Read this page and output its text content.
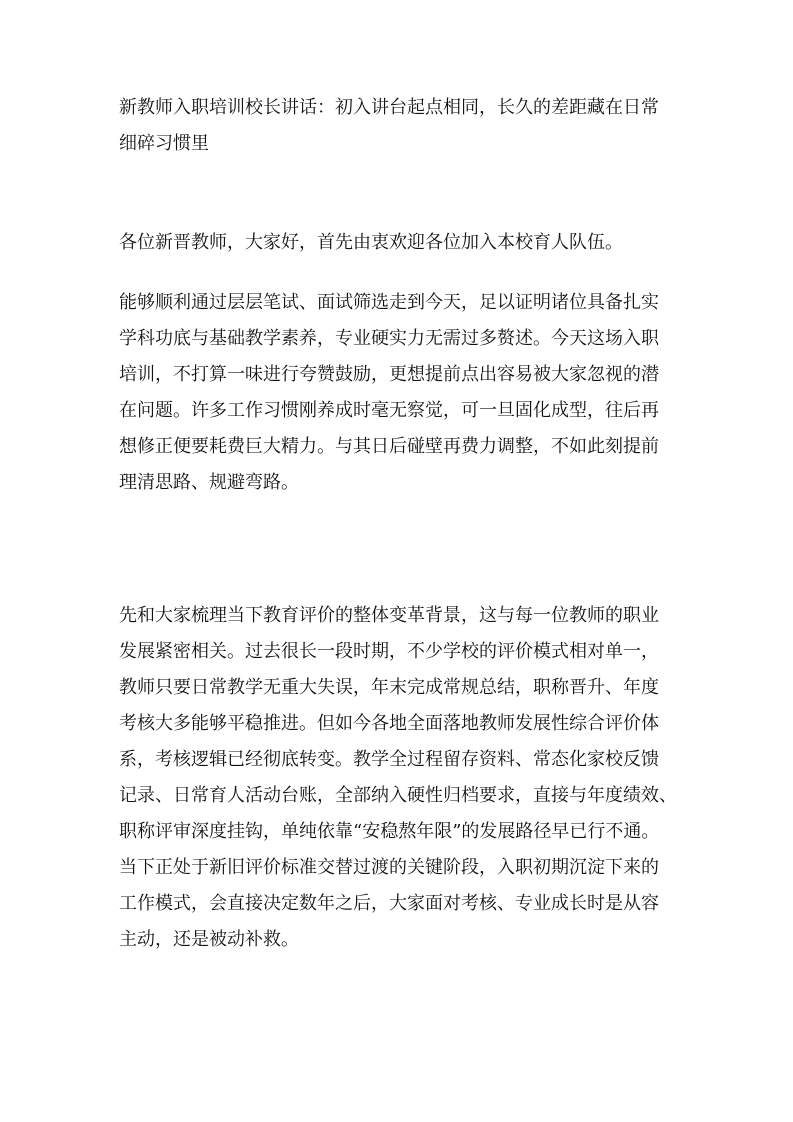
新教师入职培训校长讲话：初入讲台起点相同，长久的差距藏在日常
细碎习惯里
各位新晋教师，大家好，首先由衷欢迎各位加入本校育人队伍。
能够顺利通过层层笔试、面试筛选走到今天，足以证明诸位具备扎实
学科功底与基础教学素养，专业硬实力无需过多赘述。今天这场入职
培训，不打算一味进行夸赞鼓励，更想提前点出容易被大家忽视的潜
在问题。许多工作习惯刚养成时毫无察觉，可一旦固化成型，往后再
想修正便要耗费巨大精力。与其日后碰壁再费力调整，不如此刻提前
理清思路、规避弯路。
先和大家梳理当下教育评价的整体变革背景，这与每一位教师的职业
发展紧密相关。过去很长一段时期，不少学校的评价模式相对单一，
教师只要日常教学无重大失误，年末完成常规总结，职称晋升、年度
考核大多能够平稳推进。但如今各地全面落地教师发展性综合评价体
系，考核逻辑已经彻底转变。教学全过程留存资料、常态化家校反馈
记录、日常育人活动台账，全部纳入硬性归档要求，直接与年度绩效、
职称评审深度挂钩，单纯依靠“安稳熬年限”的发展路径早已行不通。
当下正处于新旧评价标准交替过渡的关键阶段，入职初期沉淀下来的
工作模式，会直接决定数年之后，大家面对考核、专业成长时是从容
主动，还是被动补救。
